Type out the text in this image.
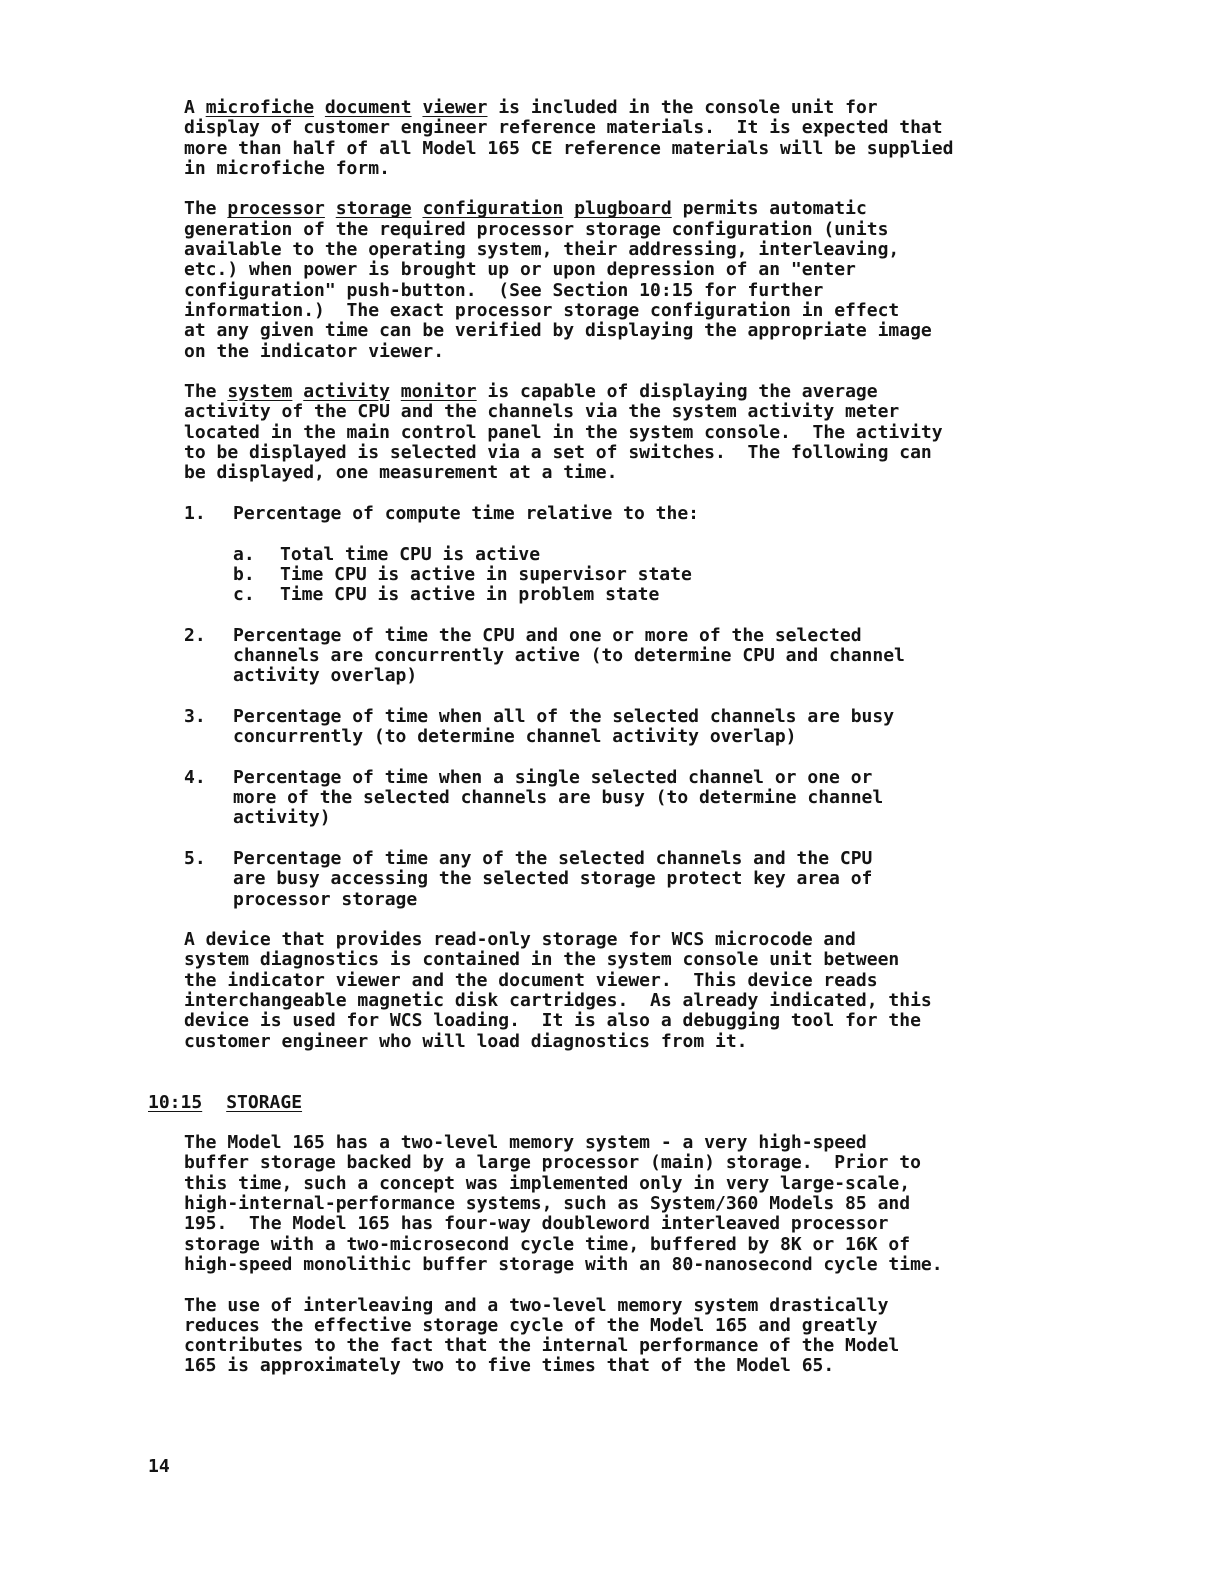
A microfiche document viewer is included in the console unit for
display of customer engineer reference materials.  It is expected that
more than half of all Model 165 CE reference materials will be supplied
in microfiche form.

The processor storage configuration plugboard permits automatic
generation of the required processor storage configuration (units
available to the operating system, their addressing, interleaving,
etc.) when power is brought up or upon depression of an "enter
configuration" push-button.  (See Section 10:15 for further
information.)  The exact processor storage configuration in effect
at any given time can be verified by displaying the appropriate image
on the indicator viewer.

The system activity monitor is capable of displaying the average
activity of the CPU and the channels via the system activity meter
located in the main control panel in the system console.  The activity
to be displayed is selected via a set of switches.  The following can
be displayed, one measurement at a time.

1.	Percentage of compute time relative to the:
a.	Total time CPU is active
b.	Time CPU is active in supervisor state
c.	Time CPU is active in problem state
2.	Percentage of time the CPU and one or more of the selected
channels are concurrently active (to determine CPU and channel
activity overlap)
3.	Percentage of time when all of the selected channels are busy
concurrently (to determine channel activity overlap)
4.	Percentage of time when a single selected channel or one or
more of the selected channels are busy (to determine channel
activity)
5.	Percentage of time any of the selected channels and the CPU
are busy accessing the selected storage protect key area of
processor storage

A device that provides read-only storage for WCS microcode and
system diagnostics is contained in the system console unit between
the indicator viewer and the document viewer.  This device reads
interchangeable magnetic disk cartridges.  As already indicated, this
device is used for WCS loading.  It is also a debugging tool for the
customer engineer who will load diagnostics from it.

10:15 STORAGE

The Model 165 has a two-level memory system - a very high-speed
buffer storage backed by a large processor (main) storage.  Prior to
this time, such a concept was implemented only in very large-scale,
high-internal-performance systems, such as System/360 Models 85 and
195.  The Model 165 has four-way doubleword interleaved processor
storage with a two-microsecond cycle time, buffered by 8K or 16K of
high-speed monolithic buffer storage with an 80-nanosecond cycle time.

The use of interleaving and a two-level memory system drastically
reduces the effective storage cycle of the Model 165 and greatly
contributes to the fact that the internal performance of the Model
165 is approximately two to five times that of the Model 65.

14
